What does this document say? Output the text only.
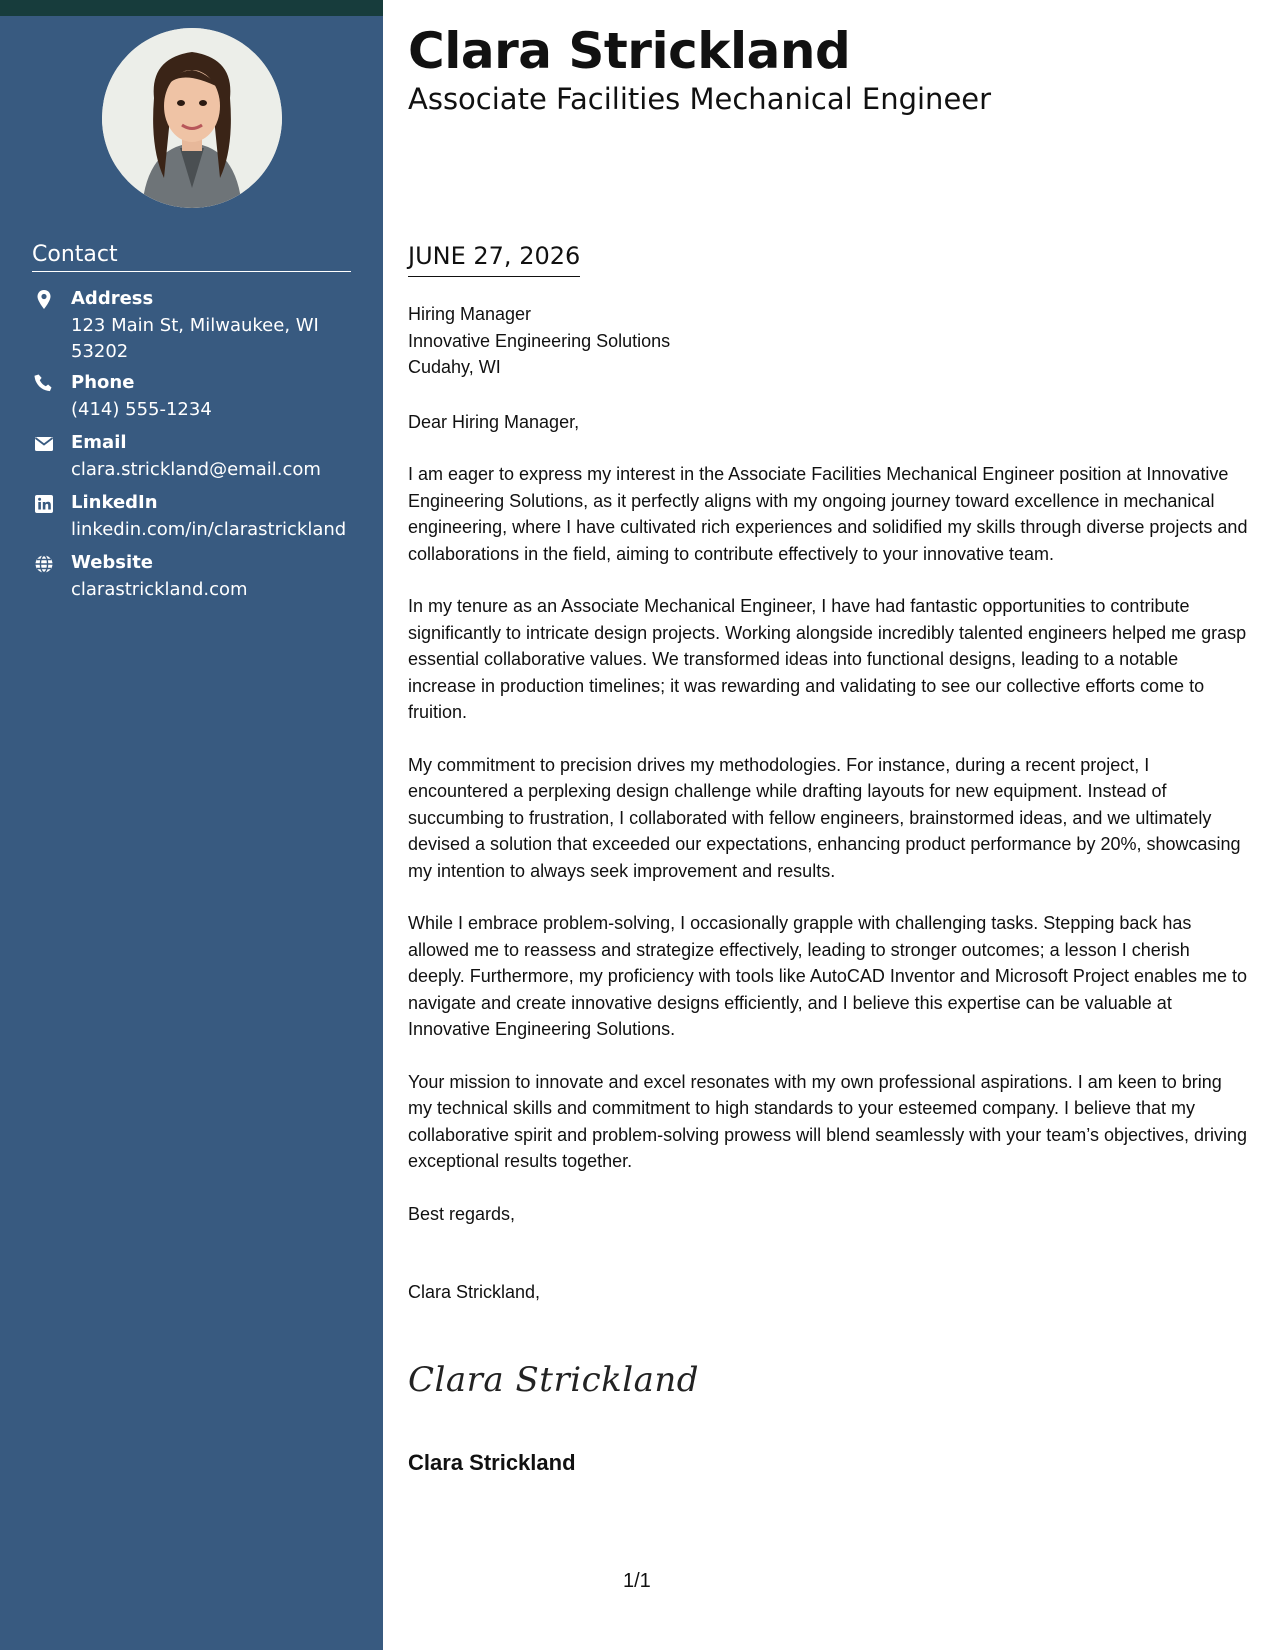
Contact
Address
123 Main St, Milwaukee, WI 53202
Phone
(414) 555-1234
Email
clara.strickland@email.com
LinkedIn
linkedin.com/in/clarastrickland
Website
clarastrickland.com
Clara Strickland
Associate Facilities Mechanical Engineer
JUNE 27, 2026

Hiring Manager

Innovative Engineering Solutions

Cudahy, WI

Dear Hiring Manager,

I am eager to express my interest in the Associate Facilities Mechanical Engineer position at Innovative Engineering Solutions, as it perfectly aligns with my ongoing journey toward excellence in mechanical engineering, where I have cultivated rich experiences and solidified my skills through diverse projects and collaborations in the field, aiming to contribute effectively to your innovative team.

In my tenure as an Associate Mechanical Engineer, I have had fantastic opportunities to contribute significantly to intricate design projects. Working alongside incredibly talented engineers helped me grasp essential collaborative values. We transformed ideas into functional designs, leading to a notable increase in production timelines; it was rewarding and validating to see our collective efforts come to fruition.

My commitment to precision drives my methodologies. For instance, during a recent project, I encountered a perplexing design challenge while drafting layouts for new equipment. Instead of succumbing to frustration, I collaborated with fellow engineers, brainstormed ideas, and we ultimately devised a solution that exceeded our expectations, enhancing product performance by 20%, showcasing my intention to always seek improvement and results.

While I embrace problem-solving, I occasionally grapple with challenging tasks. Stepping back has allowed me to reassess and strategize effectively, leading to stronger outcomes; a lesson I cherish deeply. Furthermore, my proficiency with tools like AutoCAD Inventor and Microsoft Project enables me to navigate and create innovative designs efficiently, and I believe this expertise can be valuable at Innovative Engineering Solutions.

Your mission to innovate and excel resonates with my own professional aspirations. I am keen to bring my technical skills and commitment to high standards to your esteemed company. I believe that my collaborative spirit and problem-solving prowess will blend seamlessly with your team’s objectives, driving exceptional results together.

Best regards,

Clara Strickland,

Clara Strickland
Clara Strickland
1/1
